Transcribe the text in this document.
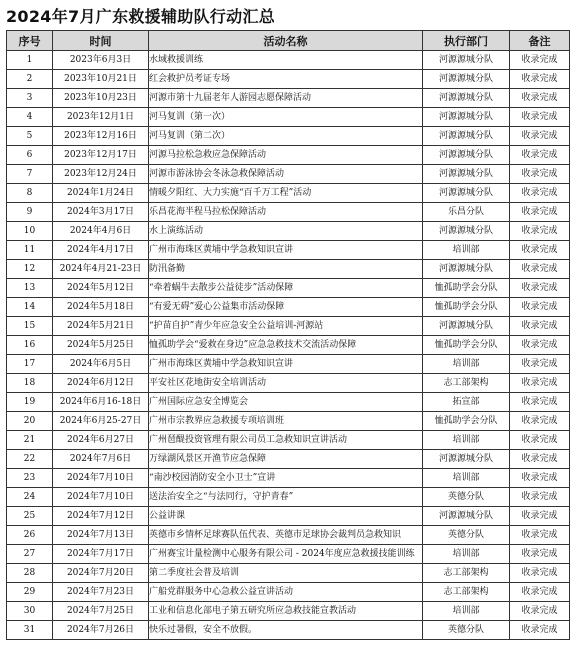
2024年7月广东救援辅助队行动汇总
序号	时间	活动名称	执行部门	备注
1	2023年6月3日	水域救援训练	河源源城分队	收录完成
2	2023年10月21日	红会救护员考证专场	河源源城分队	收录完成
3	2023年10月23日	河源市第十九届老年人游园志愿保障活动	河源源城分队	收录完成
4	2023年12月1日	河马复训（第一次）	河源源城分队	收录完成
5	2023年12月16日	河马复训（第二次）	河源源城分队	收录完成
6	2023年12月17日	河源马拉松急救应急保障活动	河源源城分队	收录完成
7	2023年12月24日	河源市游泳协会冬泳急救保障活动	河源源城分队	收录完成
8	2024年1月24日	情暖夕阳红、大力实施“百千万工程”活动	河源源城分队	收录完成
9	2024年3月17日	乐昌花海半程马拉松保障活动	乐昌分队	收录完成
10	2024年4月6日	水上演练活动	河源源城分队	收录完成
11	2024年4月17日	广州市海珠区黄埔中学急救知识宣讲	培训部	收录完成
12	2024年4月21-23日	防汛备勤	河源源城分队	收录完成
13	2024年5月12日	“牵着蜗牛去散步公益徒步”活动保障	恤孤助学会分队	收录完成
14	2024年5月18日	“有爱无碍”爱心公益集市活动保障	恤孤助学会分队	收录完成
15	2024年5月21日	“护苗自护”青少年应急安全公益培训-河源站	河源源城分队	收录完成
16	2024年5月25日	恤孤助学会“爱救在身边”应急急救技术交流活动保障	恤孤助学会分队	收录完成
17	2024年6月5日	广州市海珠区黄埔中学急救知识宣讲	培训部	收录完成
18	2024年6月12日	平安社区花地街安全培训活动	志工部架构	收录完成
19	2024年6月16-18日	广州国际应急安全博览会	拓宣部	收录完成
20	2024年6月25-27日	广州市宗教界应急救援专项培训班	恤孤助学会分队	收录完成
21	2024年6月27日	广州琶醍投资管理有限公司员工急救知识宣讲活动	培训部	收录完成
22	2024年7月6日	万绿湖风景区开渔节应急保障	河源源城分队	收录完成
23	2024年7月10日	“南沙校园消防安全小卫士”宣讲	培训部	收录完成
24	2024年7月10日	送法治安全之“与法同行，守护青春”	英德分队	收录完成
25	2024年7月12日	公益讲课	河源源城分队	收录完成
26	2024年7月13日	英德市乡情杯足球赛队伍代表、英德市足球协会裁判员急救知识	英德分队	收录完成
27	2024年7月17日	广州赛宝计量检测中心服务有限公司 - 2024年度应急救援技能训练	培训部	收录完成
28	2024年7月20日	第二季度社会普及培训	志工部架构	收录完成
29	2024年7月23日	广船党群服务中心急救公益宣讲活动	志工部架构	收录完成
30	2024年7月25日	工业和信息化部电子第五研究所应急救技能宣教活动	培训部	收录完成
31	2024年7月26日	快乐过暑假，安全不放假。	英德分队	收录完成
